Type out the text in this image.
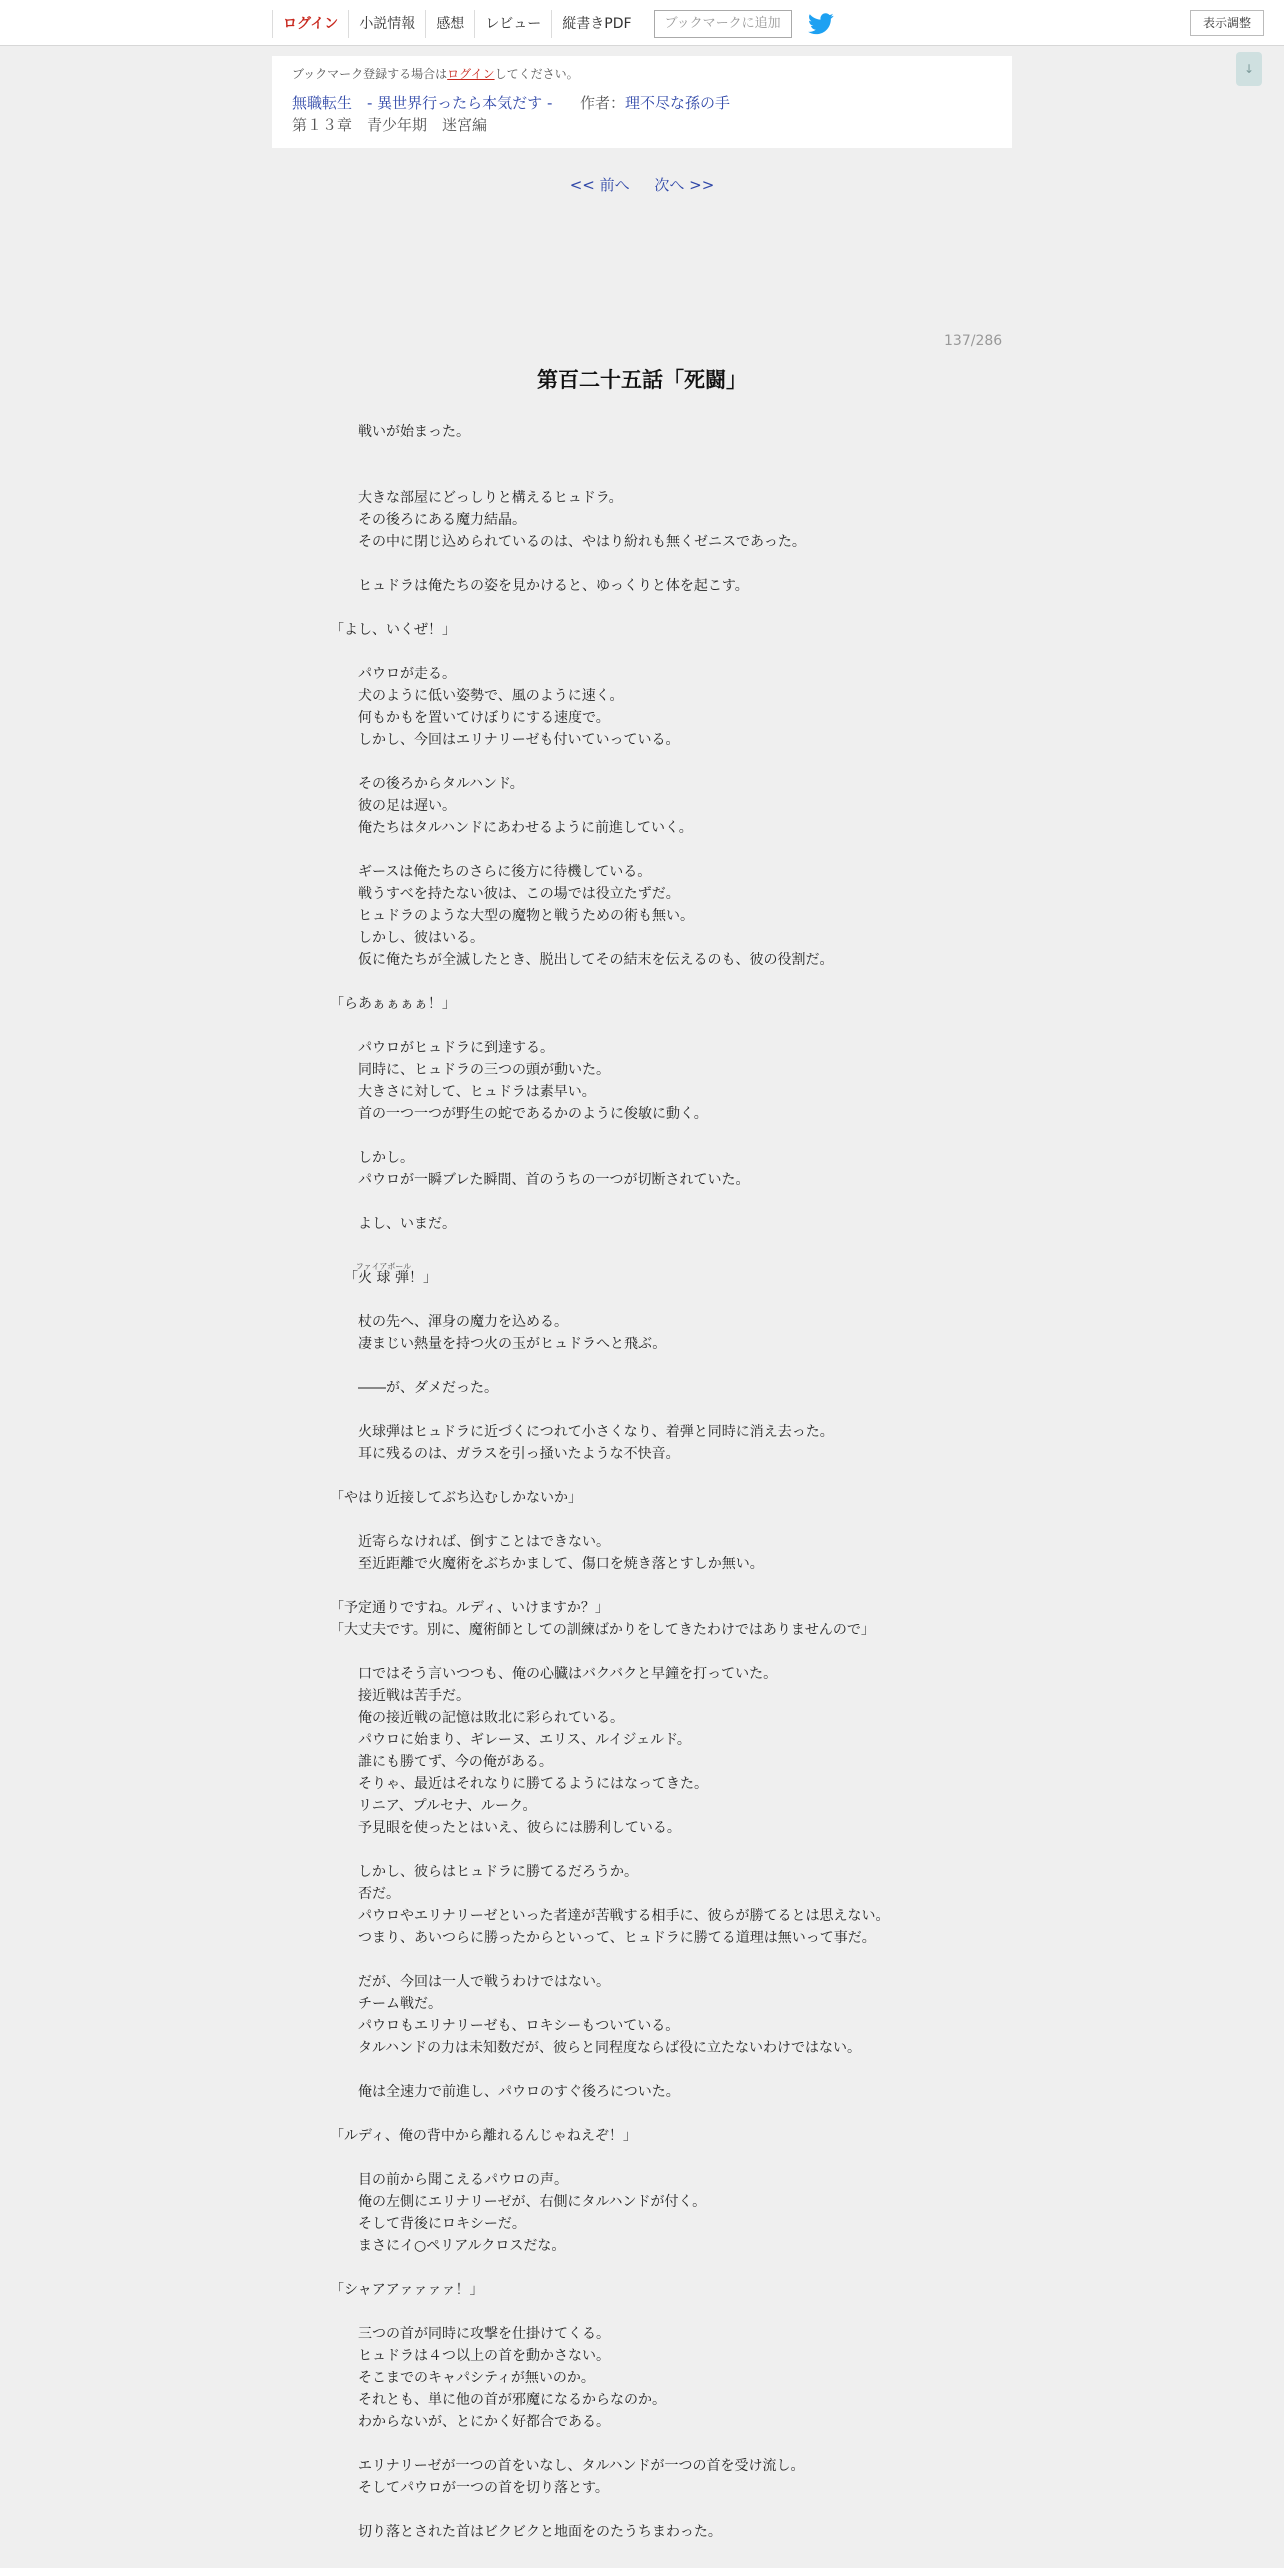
ログイン	小説情報	感想	レビュー	縦書きPDF	ブックマークに追加	表示調整
↓
ブックマーク登録する場合はログインしてください。
無職転生　- 異世界行ったら本気だす - 作者：理不尽な孫の手
第１３章　青少年期　迷宮編
<< 前へ 次へ >>
137/286
第百二十五話「死闘」

　戦いが始まった。

　大きな部屋にどっしりと構えるヒュドラ。

　その後ろにある魔力結晶。

　その中に閉じ込められているのは、やはり紛れも無くゼニスであった。

　ヒュドラは俺たちの姿を見かけると、ゆっくりと体を起こす。

「よし、いくぜ！」

　パウロが走る。

　犬のように低い姿勢で、風のように速く。

　何もかもを置いてけぼりにする速度で。

　しかし、今回はエリナリーゼも付いていっている。

　その後ろからタルハンド。

　彼の足は遅い。

　俺たちはタルハンドにあわせるように前進していく。

　ギースは俺たちのさらに後方に待機している。

　戦うすべを持たない彼は、この場では役立たずだ。

　ヒュドラのような大型の魔物と戦うための術も無い。

　しかし、彼はいる。

　仮に俺たちが全滅したとき、脱出してその結末を伝えるのも、彼の役割だ。

「らあぁぁぁぁ！」

　パウロがヒュドラに到達する。

　同時に、ヒュドラの三つの頭が動いた。

　大きさに対して、ヒュドラは素早い。

　首の一つ一つが野生の蛇であるかのように俊敏に動く。

　しかし。

　パウロが一瞬ブレた瞬間、首のうちの一つが切断されていた。

　よし、いまだ。

「火球弾ファイアボール！」

　杖の先へ、渾身の魔力を込める。

　凄まじい熱量を持つ火の玉がヒュドラへと飛ぶ。

　――が、ダメだった。

　火球弾はヒュドラに近づくにつれて小さくなり、着弾と同時に消え去った。

　耳に残るのは、ガラスを引っ掻いたような不快音。

「やはり近接してぶち込むしかないか」

　近寄らなければ、倒すことはできない。

　至近距離で火魔術をぶちかまして、傷口を焼き落とすしか無い。

「予定通りですね。ルディ、いけますか？」

「大丈夫です。別に、魔術師としての訓練ばかりをしてきたわけではありませんので」

　口ではそう言いつつも、俺の心臓はバクバクと早鐘を打っていた。

　接近戦は苦手だ。

　俺の接近戦の記憶は敗北に彩られている。

　パウロに始まり、ギレーヌ、エリス、ルイジェルド。

　誰にも勝てず、今の俺がある。

　そりゃ、最近はそれなりに勝てるようにはなってきた。

　リニア、プルセナ、ルーク。

　予見眼を使ったとはいえ、彼らには勝利している。

　しかし、彼らはヒュドラに勝てるだろうか。

　否だ。

　パウロやエリナリーゼといった者達が苦戦する相手に、彼らが勝てるとは思えない。

　つまり、あいつらに勝ったからといって、ヒュドラに勝てる道理は無いって事だ。

　だが、今回は一人で戦うわけではない。

　チーム戦だ。

　パウロもエリナリーゼも、ロキシーもついている。

　タルハンドの力は未知数だが、彼らと同程度ならば役に立たないわけではない。

　俺は全速力で前進し、パウロのすぐ後ろについた。

「ルディ、俺の背中から離れるんじゃねえぞ！」

　目の前から聞こえるパウロの声。

　俺の左側にエリナリーゼが、右側にタルハンドが付く。

　そして背後にロキシーだ。

　まさにイ○ペリアルクロスだな。

「シャアアァァァァ！」

　三つの首が同時に攻撃を仕掛けてくる。

　ヒュドラは４つ以上の首を動かさない。

　そこまでのキャパシティが無いのか。

　それとも、単に他の首が邪魔になるからなのか。

　わからないが、とにかく好都合である。

　エリナリーゼが一つの首をいなし、タルハンドが一つの首を受け流し。

　そしてパウロが一つの首を切り落とす。

　切り落とされた首はビクビクと地面をのたうちまわった。
